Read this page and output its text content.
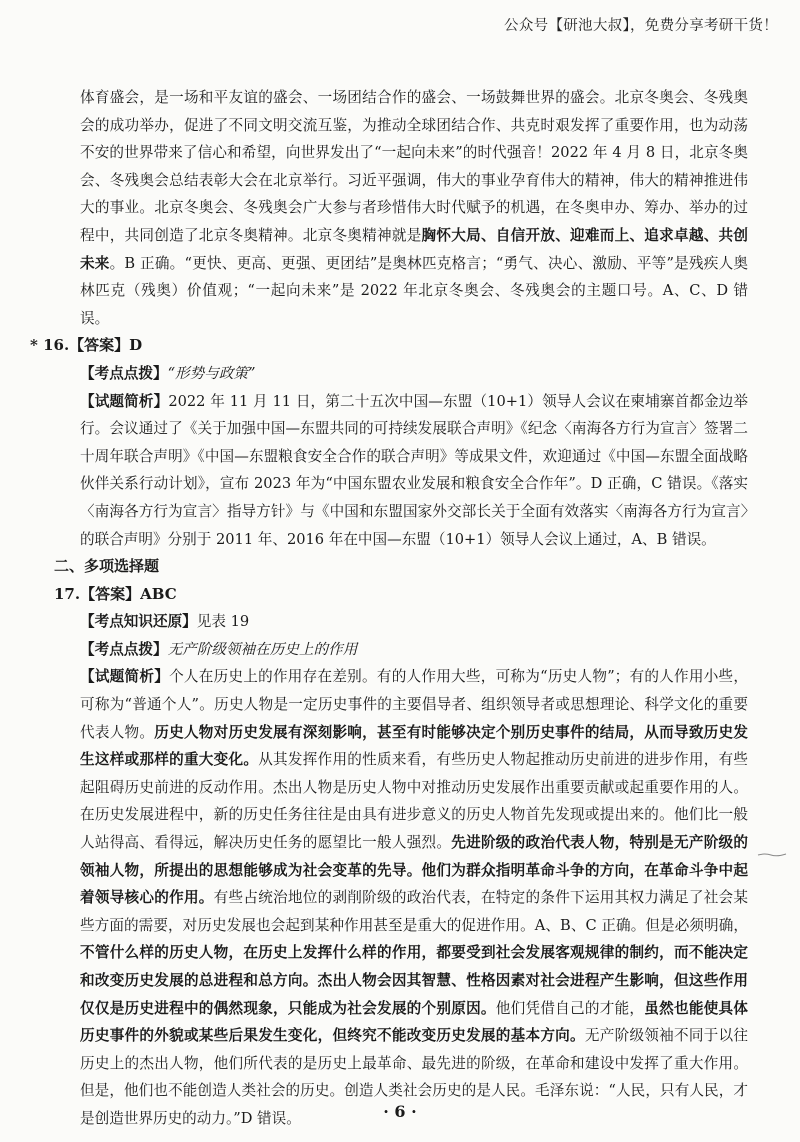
公众号【研池大叔】，免费分享考研干货！

体育盛会，是一场和平友谊的盛会、一场团结合作的盛会、一场鼓舞世界的盛会。北京冬奥会、冬残奥会的成功举办，促进了不同文明交流互鉴，为推动全球团结合作、共克时艰发挥了重要作用，也为动荡不安的世界带来了信心和希望，向世界发出了“一起向未来”的时代强音！2022 年 4 月 8 日，北京冬奥会、冬残奥会总结表彰大会在北京举行。习近平强调，伟大的事业孕育伟大的精神，伟大的精神推进伟大的事业。北京冬奥会、冬残奥会广大参与者珍惜伟大时代赋予的机遇，在冬奥申办、筹办、举办的过程中，共同创造了北京冬奥精神。北京冬奥精神就是胸怀大局、自信开放、迎难而上、追求卓越、共创未来。B 正确。“更快、更高、更强、更团结”是奥林匹克格言；“勇气、决心、激励、平等”是残疾人奥林匹克（残奥）价值观；“一起向未来”是 2022 年北京冬奥会、冬残奥会的主题口号。A、C、D 错误。

* 16.【答案】D

【考点点拨】“形势与政策”

【试题简析】2022 年 11 月 11 日，第二十五次中国—东盟（10+1）领导人会议在柬埔寨首都金边举行。会议通过了《关于加强中国—东盟共同的可持续发展联合声明》《纪念〈南海各方行为宣言〉签署二十周年联合声明》《中国—东盟粮食安全合作的联合声明》等成果文件，欢迎通过《中国—东盟全面战略伙伴关系行动计划》，宣布 2023 年为“中国东盟农业发展和粮食安全合作年”。D 正确，C 错误。《落实〈南海各方行为宣言〉指导方针》与《中国和东盟国家外交部长关于全面有效落实〈南海各方行为宣言〉的联合声明》分别于 2011 年、2016 年在中国—东盟（10+1）领导人会议上通过，A、B 错误。

二、多项选择题

17.【答案】ABC

【考点知识还原】见表 19

【考点点拨】无产阶级领袖在历史上的作用

【试题简析】个人在历史上的作用存在差别。有的人作用大些，可称为“历史人物”；有的人作用小些，可称为“普通个人”。历史人物是一定历史事件的主要倡导者、组织领导者或思想理论、科学文化的重要代表人物。历史人物对历史发展有深刻影响，甚至有时能够决定个别历史事件的结局，从而导致历史发生这样或那样的重大变化。从其发挥作用的性质来看，有些历史人物起推动历史前进的进步作用，有些起阻碍历史前进的反动作用。杰出人物是历史人物中对推动历史发展作出重要贡献或起重要作用的人。在历史发展进程中，新的历史任务往往是由具有进步意义的历史人物首先发现或提出来的。他们比一般人站得高、看得远，解决历史任务的愿望比一般人强烈。先进阶级的政治代表人物，特别是无产阶级的领袖人物，所提出的思想能够成为社会变革的先导。他们为群众指明革命斗争的方向，在革命斗争中起着领导核心的作用。有些占统治地位的剥削阶级的政治代表，在特定的条件下运用其权力满足了社会某些方面的需要，对历史发展也会起到某种作用甚至是重大的促进作用。A、B、C 正确。但是必须明确，不管什么样的历史人物，在历史上发挥什么样的作用，都要受到社会发展客观规律的制约，而不能决定和改变历史发展的总进程和总方向。杰出人物会因其智慧、性格因素对社会进程产生影响，但这些作用仅仅是历史进程中的偶然现象，只能成为社会发展的个别原因。他们凭借自己的才能，虽然也能使具体历史事件的外貌或某些后果发生变化，但终究不能改变历史发展的基本方向。无产阶级领袖不同于以往历史上的杰出人物，他们所代表的是历史上最革命、最先进的阶级，在革命和建设中发挥了重大作用。但是，他们也不能创造人类社会的历史。创造人类社会历史的是人民。毛泽东说：“人民，只有人民，才是创造世界历史的动力。”D 错误。	· 6 ·
